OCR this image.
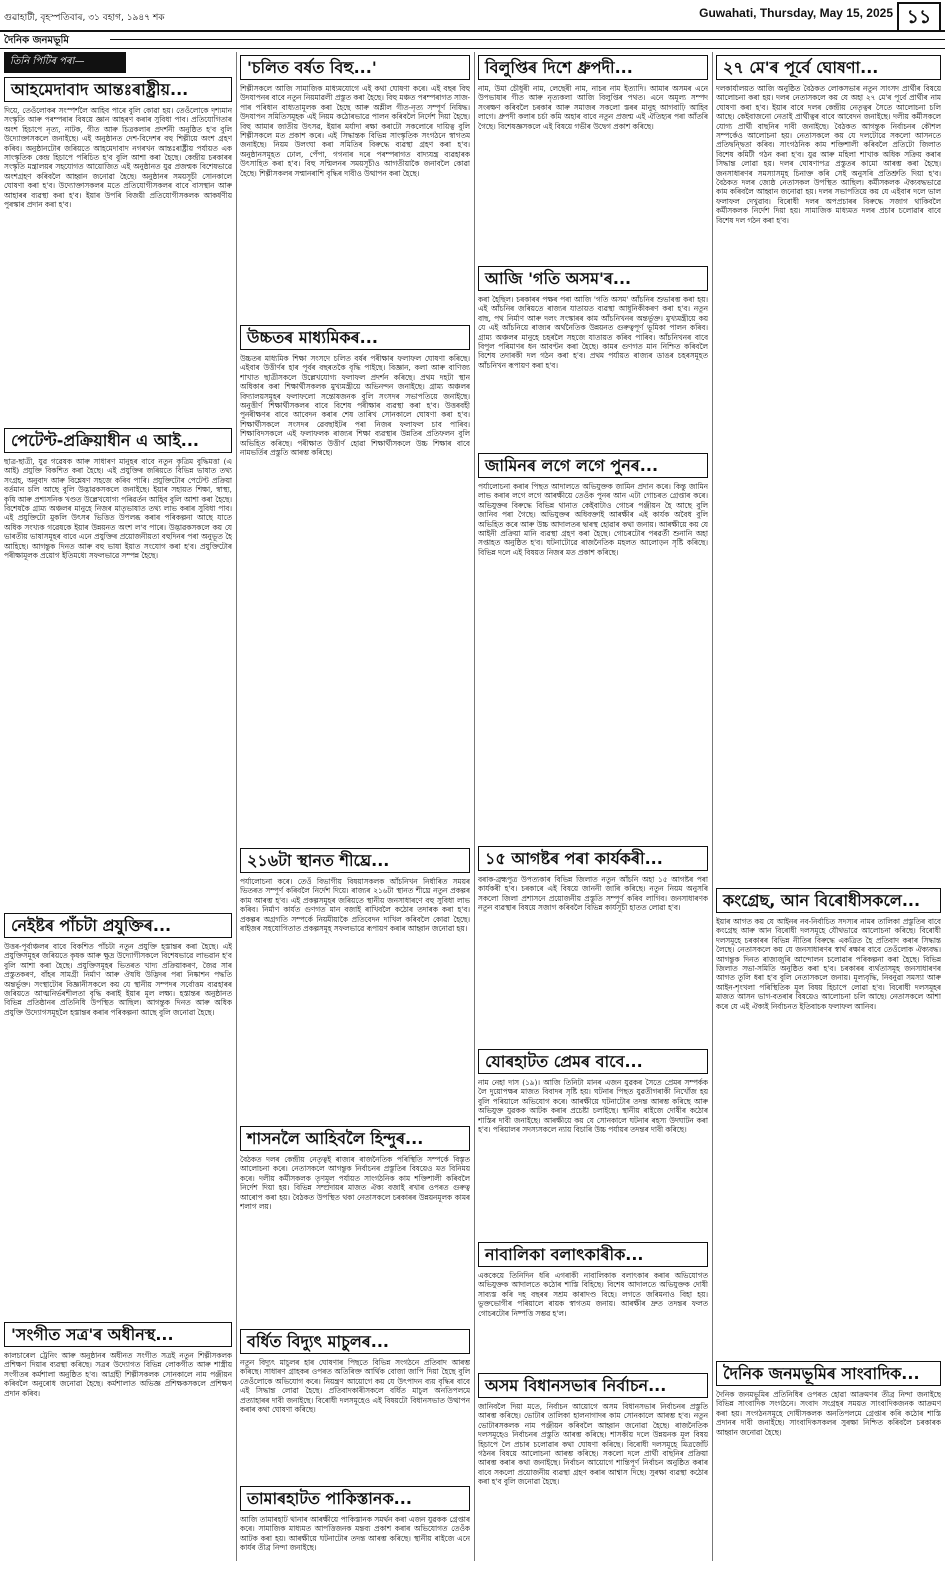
গুৱাহাটী, বৃহস্পতিবাৰ, ৩১ বহাগ, ১৯৪৭ শক	Guwahati, Thursday, May 15, 2025 ১১
দৈনিক জনমভূমি
তিনি পিটিৰ পৰা—
আহমেদাবাদ আন্তঃৰাষ্ট্ৰীয়...

দিয়ে, তেওঁলোকৰ সংস্পৰ্শলৈ আহিব পাৰে বুলি কোৱা হয়। তেওঁলোকে দৃশ্যমান সংস্কৃতি আৰু পৰম্পৰাৰ বিষয়ে জ্ঞান আহৰণ কৰাৰ সুবিধা পাব। প্ৰতিযোগিতাৰ অংশ হিচাপে নৃত্য, নাটক, গীত আৰু চিত্ৰকলাৰ প্ৰদৰ্শনী অনুষ্ঠিত হ'ব বুলি উদ্যোক্তাসকলে জনাইছে। এই অনুষ্ঠানত দেশ-বিদেশৰ বহু শিল্পীয়ে অংশ গ্ৰহণ কৰিব। অনুষ্ঠানটোৰ জৰিয়তে আহমেদাবাদ নগৰখন আন্তঃৰাষ্ট্ৰীয় পৰ্যায়ত এক সাংস্কৃতিক কেন্দ্ৰ হিচাপে পৰিচিত হ'ব বুলি আশা কৰা হৈছে। কেন্দ্ৰীয় চৰকাৰৰ সংস্কৃতি মন্ত্ৰালয়ৰ সহযোগত আয়োজিত এই অনুষ্ঠানত যুৱ প্ৰজন্মক বিশেষভাৱে অংশগ্ৰহণ কৰিবলৈ আহ্বান জনোৱা হৈছে। অনুষ্ঠানৰ সময়সূচী সোনকালে ঘোষণা কৰা হ'ব। উদ্যোক্তাসকলৰ মতে প্ৰতিযোগীসকলৰ বাবে বাসস্থান আৰু আহাৰৰ ব্যৱস্থা কৰা হ'ব। ইয়াৰ উপৰি বিজয়ী প্ৰতিযোগীসকলক আকৰ্ষণীয় পুৰস্কাৰ প্ৰদান কৰা হ'ব।

পেটেণ্ট-প্ৰক্ৰিয়াধীন এ আই...

ছাত্ৰ-ছাত্ৰী, যুৱ গৱেষক আৰু সাধাৰণ মানুহৰ বাবে নতুন কৃত্ৰিম বুদ্ধিমত্তা (এ আই) প্ৰযুক্তি বিকশিত কৰা হৈছে। এই প্ৰযুক্তিৰ জৰিয়তে বিভিন্ন ভাষাত তথ্য সংগ্ৰহ, অনুবাদ আৰু বিশ্লেষণ সহজে কৰিব পাৰি। প্ৰযুক্তিটোৰ পেটেণ্ট প্ৰক্ৰিয়া বৰ্তমান চলি আছে বুলি উদ্ভাৱকসকলে জনাইছে। ইয়াৰ সহায়ত শিক্ষা, স্বাস্থ্য, কৃষি আৰু প্ৰশাসনিক খণ্ডত উল্লেখযোগ্য পৰিৱৰ্তন আহিব বুলি আশা কৰা হৈছে। বিশেষকৈ গ্ৰাম্য অঞ্চলৰ মানুহে নিজৰ মাতৃভাষাত তথ্য লাভ কৰাৰ সুবিধা পাব। এই প্ৰযুক্তিটো মুকলি উৎসৰ ভিত্তিত উপলব্ধ কৰাৰ পৰিকল্পনা আছে যাতে অধিক সংখ্যক গৱেষকে ইয়াৰ উন্নয়নত অংশ ল'ব পাৰে। উদ্ভাৱকসকলে কয় যে ভাৰতীয় ভাষাসমূহৰ বাবে এনে প্ৰযুক্তিৰ প্ৰয়োজনীয়তা বহুদিনৰ পৰা অনুভূত হৈ আহিছে। আগন্তুক দিনত আৰু বহু ভাষা ইয়াত সংযোগ কৰা হ'ব। প্ৰযুক্তিটোৰ পৰীক্ষামূলক প্ৰয়োগ ইতিমধ্যে সফলভাৱে সম্পন্ন হৈছে।

নেইষ্টৰ পাঁচটা প্ৰযুক্তিৰ...

উত্তৰ-পূৰ্বাঞ্চলৰ বাবে বিকশিত পাঁচটা নতুন প্ৰযুক্তি হস্তান্তৰ কৰা হৈছে। এই প্ৰযুক্তিসমূহৰ জৰিয়তে কৃষক আৰু ক্ষুদ্ৰ উদ্যোগীসকলে বিশেষভাৱে লাভৱান হ'ব বুলি আশা কৰা হৈছে। প্ৰযুক্তিসমূহৰ ভিতৰত খাদ্য প্ৰক্ৰিয়াকৰণ, জৈৱ সাৰ প্ৰস্তুতকৰণ, বাঁহৰ সামগ্ৰী নিৰ্মাণ আৰু ঔষধি উদ্ভিদৰ পৰা নিষ্কাশন পদ্ধতি অন্তৰ্ভুক্ত। সংস্থাটোৰ বিজ্ঞানীসকলে কয় যে স্থানীয় সম্পদৰ সৰ্বোত্তম ব্যৱহাৰৰ জৰিয়তে আত্মনিৰ্ভৰশীলতা বৃদ্ধি কৰাই ইয়াৰ মূল লক্ষ্য। হস্তান্তৰ অনুষ্ঠানত বিভিন্ন প্ৰতিষ্ঠানৰ প্ৰতিনিধি উপস্থিত আছিল। আগন্তুক দিনত আৰু অধিক প্ৰযুক্তি উদ্যোগসমূহলৈ হস্তান্তৰ কৰাৰ পৰিকল্পনা আছে বুলি জনোৱা হৈছে।

'সংগীত সত্ৰ'ৰ অধীনস্থ...

কালচাৰেল ট্ৰেনিং আৰু অনুষ্ঠানৰ অধীনত সংগীত সত্ৰই নতুন শিল্পীসকলক প্ৰশিক্ষণ দিয়াৰ ব্যৱস্থা কৰিছে। সত্ৰৰ উদ্যোগত বিভিন্ন লোকগীত আৰু শাস্ত্ৰীয় সংগীতৰ কৰ্মশালা অনুষ্ঠিত হ'ব। আগ্ৰহী শিল্পীসকলক সোনকালে নাম পঞ্জীয়ন কৰিবলৈ অনুৰোধ জনোৱা হৈছে। কৰ্মশালাত অভিজ্ঞ প্ৰশিক্ষকসকলে প্ৰশিক্ষণ প্ৰদান কৰিব।

'চলিত বৰ্ষত বিহু...'

শিল্পীসকলে আজি সামাজিক মাধ্যমযোগে এই কথা ঘোষণা কৰে। এই বছৰ বিহু উদযাপনৰ বাবে নতুন নিয়মাৱলী প্ৰস্তুত কৰা হৈছে। বিহু মঞ্চত পৰম্পৰাগত সাজ-পাৰ পৰিধান বাধ্যতামূলক কৰা হৈছে আৰু অশ্লীল গীত-নৃত্য সম্পূৰ্ণ নিষিদ্ধ। উদযাপন সমিতিসমূহক এই নিয়ম কঠোৰভাৱে পালন কৰিবলৈ নিৰ্দেশ দিয়া হৈছে। বিহু আমাৰ জাতীয় উৎসৱ, ইয়াৰ মৰ্যাদা ৰক্ষা কৰাটো সকলোৰে দায়িত্ব বুলি শিল্পীসকলে মত প্ৰকাশ কৰে। এই সিদ্ধান্তক বিভিন্ন সাংস্কৃতিক সংগঠনে স্বাগতম জনাইছে। নিয়ম উলংঘা কৰা সমিতিৰ বিৰুদ্ধে ব্যৱস্থা গ্ৰহণ কৰা হ'ব। অনুষ্ঠানসমূহত ঢোল, পেঁপা, গগনাৰ দৰে পৰম্পৰাগত বাদ্যযন্ত্ৰ ব্যৱহাৰক উৎসাহিত কৰা হ'ব। বিহু সন্মিলনৰ সময়সূচীও আগতীয়াকৈ জনাবলৈ কোৱা হৈছে। শিল্পীসকলৰ সন্মানৰাশি বৃদ্ধিৰ দাবীও উত্থাপন কৰা হৈছে।

উচ্চতৰ মাধ্যমিকৰ...

উচ্চতৰ মাধ্যমিক শিক্ষা সংসদে চলিত বৰ্ষৰ পৰীক্ষাৰ ফলাফল ঘোষণা কৰিছে। এইবাৰ উত্তীৰ্ণৰ হাৰ পূৰ্বৰ বছৰতকৈ বৃদ্ধি পাইছে। বিজ্ঞান, কলা আৰু বাণিজ্য শাখাত ছাত্ৰীসকলে উল্লেখযোগ্য ফলাফল প্ৰদৰ্শন কৰিছে। প্ৰথম দহটা স্থান অধিকাৰ কৰা শিক্ষাৰ্থীসকলক মুখ্যমন্ত্ৰীয়ে অভিনন্দন জনাইছে। গ্ৰাম্য অঞ্চলৰ বিদ্যালয়সমূহৰ ফলাফলো সন্তোষজনক বুলি সংসদৰ সভাপতিয়ে জনাইছে। অনুত্তীৰ্ণ শিক্ষাৰ্থীসকলৰ বাবে বিশেষ পৰীক্ষাৰ ব্যৱস্থা কৰা হ'ব। উত্তৰবহী পুনৰীক্ষণৰ বাবে আবেদন কৰাৰ শেষ তাৰিখ সোনকালে ঘোষণা কৰা হ'ব। শিক্ষাৰ্থীসকলে সংসদৰ ৱেবছাইটৰ পৰা নিজৰ ফলাফল চাব পাৰিব। শিক্ষাবিদসকলে এই ফলাফলক ৰাজ্যৰ শিক্ষা ব্যৱস্থাৰ উন্নতিৰ প্ৰতিফলন বুলি অভিহিত কৰিছে। পৰীক্ষাত উত্তীৰ্ণ হোৱা শিক্ষাৰ্থীসকলে উচ্চ শিক্ষাৰ বাবে নামভৰ্তিৰ প্ৰস্তুতি আৰম্ভ কৰিছে।

২১৬টা স্থানত শীঘ্ৰে...

পৰ্যালোচনা কৰে। তেওঁ বিভাগীয় বিষয়াসকলক আঁচনিখন নিৰ্ধাৰিত সময়ৰ ভিতৰত সম্পূৰ্ণ কৰিবলৈ নিৰ্দেশ দিয়ে। ৰাজ্যৰ ২১৬টা স্থানত শীঘ্ৰে নতুন প্ৰকল্পৰ কাম আৰম্ভ হ'ব। এই প্ৰকল্পসমূহৰ জৰিয়তে স্থানীয় জনসাধাৰণে বহু সুবিধা লাভ কৰিব। নিৰ্মাণ কাৰ্যত গুণগত মান বজাই ৰাখিবলৈ কঠোৰ তদাৰক কৰা হ'ব। প্ৰকল্পৰ অগ্ৰগতি সম্পৰ্কে নিয়মীয়াকৈ প্ৰতিবেদন দাখিল কৰিবলৈ কোৱা হৈছে। ৰাইজৰ সহযোগিতাত প্ৰকল্পসমূহ সফলভাৱে ৰূপায়ণ কৰাৰ আহ্বান জনোৱা হয়।

শাসনলৈ আহিবলৈ হিন্দুৰ...

বৈঠকত দলৰ কেন্দ্ৰীয় নেতৃত্বই ৰাজ্যৰ ৰাজনৈতিক পৰিস্থিতি সম্পৰ্কে বিস্তৃত আলোচনা কৰে। নেতাসকলে আগন্তুক নিৰ্বাচনৰ প্ৰস্তুতিৰ বিষয়েও মত বিনিময় কৰে। দলীয় কৰ্মীসকলক তৃণমূল পৰ্যায়ত সাংগঠনিক কাম শক্তিশালী কৰিবলৈ নিৰ্দেশ দিয়া হয়। বিভিন্ন সম্প্ৰদায়ৰ মাজত ঐক্য বজাই ৰখাৰ ওপৰত গুৰুত্ব আৰোপ কৰা হয়। বৈঠকত উপস্থিত থকা নেতাসকলে চৰকাৰৰ উন্নয়নমূলক কামৰ শলাগ লয়।

বৰ্ধিত বিদ্যুৎ মাচুলৰ...

নতুন বিদ্যুৎ মাচুলৰ হাৰ ঘোষণাৰ পিছতে বিভিন্ন সংগঠনে প্ৰতিবাদ আৰম্ভ কৰিছে। সাধাৰণ গ্ৰাহকৰ ওপৰত অতিৰিক্ত আৰ্থিক বোজা জাপি দিয়া হৈছে বুলি তেওঁলোকে অভিযোগ কৰে। নিয়ন্ত্ৰণ আয়োগে কয় যে উৎপাদন ব্যয় বৃদ্ধিৰ বাবে এই সিদ্ধান্ত লোৱা হৈছে। প্ৰতিবাদকাৰীসকলে বৰ্ধিত মাচুল অনতিপলমে প্ৰত্যাহাৰৰ দাবী জনাইছে। বিৰোধী দলসমূহেও এই বিষয়টো বিধানসভাত উত্থাপন কৰাৰ কথা ঘোষণা কৰিছে।

তামাৰহাটত পাকিস্তানক...

আজি তামাৰহাট থানাৰ আৰক্ষীয়ে পাকিস্তানক সমৰ্থন কৰা এজন যুৱকক গ্ৰেপ্তাৰ কৰে। সামাজিক মাধ্যমত আপত্তিজনক মন্তব্য প্ৰকাশ কৰাৰ অভিযোগত তেওঁক আটক কৰা হয়। আৰক্ষীয়ে ঘটনাটোৰ তদন্ত আৰম্ভ কৰিছে। স্থানীয় ৰাইজে এনে কাৰ্যৰ তীব্ৰ নিন্দা জনাইছে।

বিলুপ্তিৰ দিশে ধ্ৰুপদী...

নাম, উমা চৌধুৰী নাম, লেছেৰী নাম, নাচৰ নাম ইত্যাদি। আমাৰ অসমৰ এনে উপভাষাৰ গীত আৰু নৃত্যকলা আজি বিলুপ্তিৰ পথত। এনে অমূল্য সম্পদ সংৰক্ষণ কৰিবলৈ চৰকাৰ আৰু সমাজৰ সকলো স্তৰৰ মানুহ আগবাঢ়ি আহিব লাগে। ধ্ৰুপদী কলাৰ চৰ্চা কমি অহাৰ বাবে নতুন প্ৰজন্ম এই ঐতিহ্যৰ পৰা আঁতৰি গৈছে। বিশেষজ্ঞসকলে এই বিষয়ে গভীৰ উদ্বেগ প্ৰকাশ কৰিছে।

আজি 'গতি অসম'ৰ...

কৰা হৈছিল। চৰকাৰৰ পক্ষৰ পৰা আজি 'গতি অসম' আঁচনিৰ শুভাৰম্ভ কৰা হয়। এই আঁচনিৰ জৰিয়তে ৰাজ্যৰ যাতায়ত ব্যৱস্থা আধুনিকীকৰণ কৰা হ'ব। নতুন বাছ, পথ নিৰ্মাণ আৰু দলং সংস্কাৰৰ কাম আঁচনিখনৰ অন্তৰ্ভুক্ত। মুখ্যমন্ত্ৰীয়ে কয় যে এই আঁচনিয়ে ৰাজ্যৰ অৰ্থনৈতিক উন্নয়নত গুৰুত্বপূৰ্ণ ভূমিকা পালন কৰিব। গ্ৰাম্য অঞ্চলৰ মানুহে চহৰলৈ সহজে যাতায়ত কৰিব পাৰিব। আঁচনিখনৰ বাবে বিপুল পৰিমাণৰ ধন আবণ্টন কৰা হৈছে। কামৰ গুণগত মান নিশ্চিত কৰিবলৈ বিশেষ তদাৰকী দল গঠন কৰা হ'ব। প্ৰথম পৰ্যায়ত ৰাজ্যৰ ডাঙৰ চহৰসমূহত আঁচনিখন ৰূপায়ণ কৰা হ'ব।

জামিনৰ লগে লগে পুনৰ...

পৰ্যালোচনা কৰাৰ পিছত আদালতে অভিযুক্তক জামিন প্ৰদান কৰে। কিন্তু জামিন লাভ কৰাৰ লগে লগে আৰক্ষীয়ে তেওঁক পুনৰ আন এটা গোচৰত গ্ৰেপ্তাৰ কৰে। অভিযুক্তৰ বিৰুদ্ধে বিভিন্ন থানাত কেইবাটাও গোচৰ পঞ্জীয়ন হৈ আছে বুলি জানিব পৰা গৈছে। অভিযুক্তৰ অধিবক্তাই আৰক্ষীৰ এই কাৰ্যক অবৈধ বুলি অভিহিত কৰে আৰু উচ্চ আদালতৰ দ্বাৰস্থ হোৱাৰ কথা জনায়। আৰক্ষীয়ে কয় যে আইনী প্ৰক্ৰিয়া মানি ব্যৱস্থা গ্ৰহণ কৰা হৈছে। গোচৰটোৰ পৰৱৰ্তী শুনানি অহা সপ্তাহত অনুষ্ঠিত হ'ব। ঘটনাটোৱে ৰাজনৈতিক মহলত আলোড়ন সৃষ্টি কৰিছে। বিভিন্ন দলে এই বিষয়ত নিজৰ মত প্ৰকাশ কৰিছে।

১৫ আগষ্টৰ পৰা কাৰ্যকৰী...

বৰাক-ব্ৰহ্মপুত্ৰ উপত্যকাৰ বিভিন্ন জিলাত নতুন আঁচনি অহা ১৫ আগষ্টৰ পৰা কাৰ্যকৰী হ'ব। চৰকাৰে এই বিষয়ে জাননী জাৰি কৰিছে। নতুন নিয়ম অনুসৰি সকলো জিলা প্ৰশাসনে প্ৰয়োজনীয় প্ৰস্তুতি সম্পূৰ্ণ কৰিব লাগিব। জনসাধাৰণক নতুন ব্যৱস্থাৰ বিষয়ে সজাগ কৰিবলৈ বিভিন্ন কাৰ্যসূচী হাতত লোৱা হ'ব।

যোৰহাটত প্ৰেমৰ বাবে...

নাম নেহা দাস (১৯)। আজি তিনিটা মানৰ এজন যুৱকৰ সৈতে প্ৰেমৰ সম্পৰ্কক লৈ দুয়োপক্ষৰ মাজত বিবাদৰ সৃষ্টি হয়। ঘটনাৰ পিছত যুৱতীগৰাকী নিখোঁজ হয় বুলি পৰিয়ালে অভিযোগ কৰে। আৰক্ষীয়ে ঘটনাটোৰ তদন্ত আৰম্ভ কৰিছে আৰু অভিযুক্ত যুৱকক আটক কৰাৰ প্ৰচেষ্টা চলাইছে। স্থানীয় ৰাইজে দোষীৰ কঠোৰ শাস্তিৰ দাবী জনাইছে। আৰক্ষীয়ে কয় যে সোনকালে ঘটনাৰ ৰহস্য উদঘাটন কৰা হ'ব। পৰিয়ালৰ সদস্যসকলে ন্যায় বিচাৰি উচ্চ পৰ্যায়ৰ তদন্তৰ দাবী কৰিছে।

নাবালিকা বলাৎকাৰীক...

এককেয়ে তিনিদিন ধৰি এগৰাকী নাবালিকাক বলাৎকাৰ কৰাৰ অভিযোগত অভিযুক্তক আদালতে কঠোৰ শাস্তি বিহিছে। বিশেষ আদালতে অভিযুক্তক দোষী সাব্যস্ত কৰি দহ বছৰৰ সশ্ৰম কাৰাদণ্ড বিহে। লগতে জৰিমনাও বিহা হয়। ভুক্তভোগীৰ পৰিয়ালে ৰায়ক স্বাগতম জনায়। আৰক্ষীৰ দ্ৰুত তদন্তৰ ফলত গোচৰটোৰ নিষ্পত্তি সম্ভৱ হ'ল।

অসম বিধানসভাৰ নিৰ্বাচন...

জানিবলৈ দিয়া মতে, নিৰ্বাচন আয়োগে অসম বিধানসভাৰ নিৰ্বাচনৰ প্ৰস্তুতি আৰম্ভ কৰিছে। ভোটাৰ তালিকা হালনাগাদৰ কাম সোনকালে আৰম্ভ হ'ব। নতুন ভোটাৰসকলক নাম পঞ্জীয়ন কৰিবলৈ আহ্বান জনোৱা হৈছে। ৰাজনৈতিক দলসমূহেও নিৰ্বাচনৰ প্ৰস্তুতি আৰম্ভ কৰিছে। শাসকীয় দলে উন্নয়নক মূল বিষয় হিচাপে লৈ প্ৰচাৰ চলোৱাৰ কথা ঘোষণা কৰিছে। বিৰোধী দলসমূহে মিত্ৰজোঁট গঠনৰ বিষয়ে আলোচনা আৰম্ভ কৰিছে। সকলো দলে প্ৰাৰ্থী বাছনিৰ প্ৰক্ৰিয়া আৰম্ভ কৰাৰ কথা জনাইছে। নিৰ্বাচন আয়োগে শান্তিপূৰ্ণ নিৰ্বাচন অনুষ্ঠিত কৰাৰ বাবে সকলো প্ৰয়োজনীয় ব্যৱস্থা গ্ৰহণ কৰাৰ আশ্বাস দিছে। সুৰক্ষা ব্যৱস্থা কঠোৰ কৰা হ'ব বুলি জনোৱা হৈছে।

২৭ মে'ৰ পূৰ্বে ঘোষণা...

দলকাৰ্যালয়ত আজি অনুষ্ঠিত বৈঠকত লোকসভাৰ নতুন সাংসদ প্ৰাৰ্থীৰ বিষয়ে আলোচনা কৰা হয়। দলৰ নেতাসকলে কয় যে অহা ২৭ মে'ৰ পূৰ্বে প্ৰাৰ্থীৰ নাম ঘোষণা কৰা হ'ব। ইয়াৰ বাবে দলৰ কেন্দ্ৰীয় নেতৃত্বৰ সৈতে আলোচনা চলি আছে। কেইবাজনো নেতাই প্ৰাৰ্থীত্বৰ বাবে আবেদন জনাইছে। দলীয় কৰ্মীসকলে যোগ্য প্ৰাৰ্থী বাছনিৰ দাবী জনাইছে। বৈঠকত আগন্তুক নিৰ্বাচনৰ কৌশল সম্পৰ্কেও আলোচনা হয়। নেতাসকলে কয় যে দলটোৱে সকলো আসনতে প্ৰতিদ্বন্দ্বিতা কৰিব। সাংগঠনিক কাম শক্তিশালী কৰিবলৈ প্ৰতিটো জিলাত বিশেষ কমিটী গঠন কৰা হ'ব। যুৱ আৰু মহিলা শাখাক অধিক সক্ৰিয় কৰাৰ সিদ্ধান্ত লোৱা হয়। দলৰ ঘোষণাপত্ৰ প্ৰস্তুতৰ কামো আৰম্ভ কৰা হৈছে। জনসাধাৰণৰ সমস্যাসমূহ চিনাক্ত কৰি সেই অনুসৰি প্ৰতিশ্ৰুতি দিয়া হ'ব। বৈঠকত দলৰ জ্যেষ্ঠ নেতাসকল উপস্থিত আছিল। কৰ্মীসকলক ঐক্যবদ্ধভাৱে কাম কৰিবলৈ আহ্বান জনোৱা হয়। দলৰ সভাপতিয়ে কয় যে এইবাৰ দলে ভাল ফলাফল দেখুৱাব। বিৰোধী দলৰ অপপ্ৰচাৰৰ বিৰুদ্ধে সজাগ থাকিবলৈ কৰ্মীসকলক নিৰ্দেশ দিয়া হয়। সামাজিক মাধ্যমত দলৰ প্ৰচাৰ চলোৱাৰ বাবে বিশেষ দল গঠন কৰা হ'ব।

কংগ্ৰেছ, আন বিৰোধীসকলে...

ইয়াৰ আগত কয় যে আইনৰ নব-নিৰ্বাচিত সদস্যৰ নামৰ তালিকা প্ৰস্তুতিৰ বাবে কংগ্ৰেছ আৰু আন বিৰোধী দলসমূহে যৌথভাৱে আলোচনা কৰিছে। বিৰোধী দলসমূহে চৰকাৰৰ বিভিন্ন নীতিৰ বিৰুদ্ধে একত্ৰিত হৈ প্ৰতিবাদ কৰাৰ সিদ্ধান্ত লৈছে। নেতাসকলে কয় যে জনসাধাৰণৰ স্বাৰ্থ ৰক্ষাৰ বাবে তেওঁলোক ঐক্যবদ্ধ। আগন্তুক দিনত ৰাজ্যজুৰি আন্দোলন চলোৱাৰ পৰিকল্পনা কৰা হৈছে। বিভিন্ন জিলাত সভা-সমিতি অনুষ্ঠিত কৰা হ'ব। চৰকাৰৰ ব্যৰ্থতাসমূহ জনসাধাৰণৰ আগত তুলি ধৰা হ'ব বুলি নেতাসকলে জনায়। মূল্যবৃদ্ধি, নিবনুৱা সমস্যা আৰু আইন-শৃংখলা পৰিস্থিতিক মূল বিষয় হিচাপে লোৱা হ'ব। বিৰোধী দলসমূহৰ মাজত আসন ভাগ-বতৰাৰ বিষয়েও আলোচনা চলি আছে। নেতাসকলে আশা কৰে যে এই ঐক্যই নিৰ্বাচনত ইতিবাচক ফলাফল আনিব।

দৈনিক জনমভূমিৰ সাংবাদিক...

দৈনিক জনমভূমিৰ প্ৰতিনিধিৰ ওপৰত হোৱা আক্ৰমণৰ তীব্ৰ নিন্দা জনাইছে বিভিন্ন সাংবাদিক সংগঠনে। সংবাদ সংগ্ৰহৰ সময়ত সাংবাদিকজনক আক্ৰমণ কৰা হয়। সংগঠনসমূহে দোষীসকলক অনতিপলমে গ্ৰেপ্তাৰ কৰি কঠোৰ শাস্তি প্ৰদানৰ দাবী জনাইছে। সাংবাদিকসকলৰ সুৰক্ষা নিশ্চিত কৰিবলৈ চৰকাৰক আহ্বান জনোৱা হৈছে।
